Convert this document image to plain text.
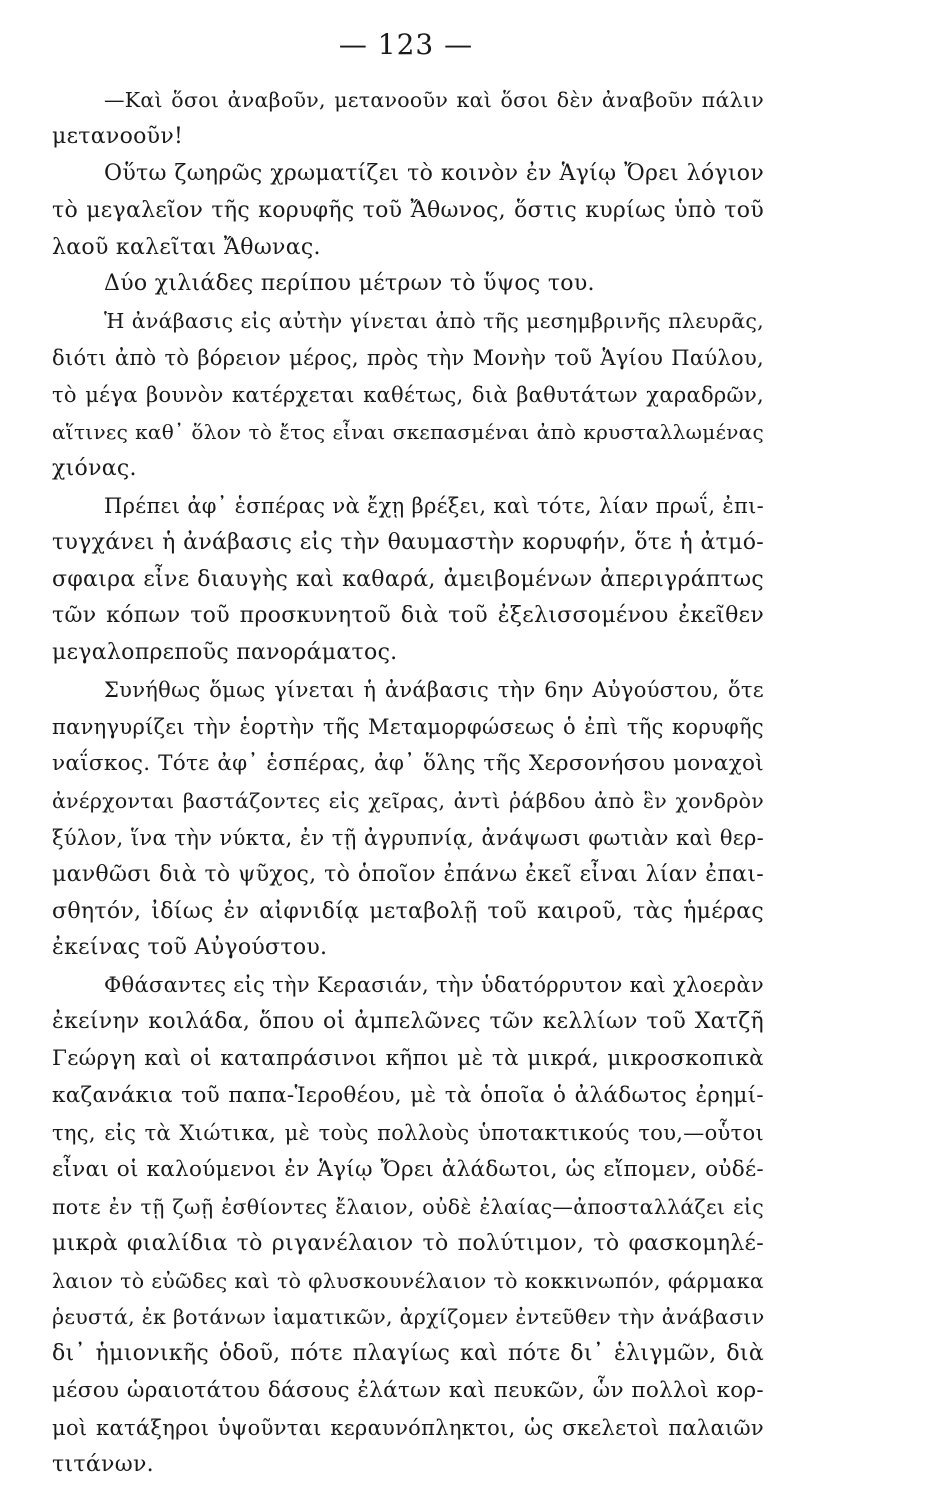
— 123 —
—Καὶ ὅσοι ἀναβοῦν, μετανοοῦν καὶ ὅσοι δὲν ἀναβοῦν πάλιν
μετανοοῦν!
Οὕτω ζωηρῶς χρωματίζει τὸ κοινὸν ἐν Ἁγίῳ Ὄρει λόγιον
τὸ μεγαλεῖον τῆς κορυφῆς τοῦ Ἄθωνος, ὅστις κυρίως ὑπὸ τοῦ
λαοῦ καλεῖται Ἄθωνας.
Δύο χιλιάδες περίπου μέτρων τὸ ὕψος του.
Ἡ ἀνάβασις εἰς αὐτὴν γίνεται ἀπὸ τῆς μεσημβρινῆς πλευρᾶς,
διότι ἀπὸ τὸ βόρειον μέρος, πρὸς τὴν Μονὴν τοῦ Ἁγίου Παύλου,
τὸ μέγα βουνὸν κατέρχεται καθέτως, διὰ βαθυτάτων χαραδρῶν,
αἵτινες καθ᾽ ὅλον τὸ ἔτος εἶναι σκεπασμέναι ἀπὸ κρυσταλλωμένας
χιόνας.
Πρέπει ἀφ᾽ ἑσπέρας νὰ ἔχῃ βρέξει, καὶ τότε, λίαν πρωΐ, ἐπι-
τυγχάνει ἡ ἀνάβασις εἰς τὴν θαυμαστὴν κορυφήν, ὅτε ἡ ἀτμό-
σφαιρα εἶνε διαυγὴς καὶ καθαρά, ἀμειβομένων ἀπεριγράπτως
τῶν κόπων τοῦ προσκυνητοῦ διὰ τοῦ ἐξελισσομένου ἐκεῖθεν
μεγαλοπρεποῦς πανοράματος.
Συνήθως ὅμως γίνεται ἡ ἀνάβασις τὴν 6ην Αὐγούστου, ὅτε
πανηγυρίζει τὴν ἑορτὴν τῆς Μεταμορφώσεως ὁ ἐπὶ τῆς κορυφῆς
ναΐσκος. Τότε ἀφ᾽ ἑσπέρας, ἀφ᾽ ὅλης τῆς Χερσονήσου μοναχοὶ
ἀνέρχονται βαστάζοντες εἰς χεῖρας, ἀντὶ ῥάβδου ἀπὸ ἓν χονδρὸν
ξύλον, ἵνα τὴν νύκτα, ἐν τῇ ἀγρυπνίᾳ, ἀνάψωσι φωτιὰν καὶ θερ-
μανθῶσι διὰ τὸ ψῦχος, τὸ ὁποῖον ἐπάνω ἐκεῖ εἶναι λίαν ἐπαι-
σθητόν, ἰδίως ἐν αἰφνιδίᾳ μεταβολῇ τοῦ καιροῦ, τὰς ἡμέρας
ἐκείνας τοῦ Αὐγούστου.
Φθάσαντες εἰς τὴν Κερασιάν, τὴν ὑδατόρρυτον καὶ χλοερὰν
ἐκείνην κοιλάδα, ὅπου οἱ ἀμπελῶνες τῶν κελλίων τοῦ Χατζῆ
Γεώργη καὶ οἱ καταπράσινοι κῆποι μὲ τὰ μικρά, μικροσκοπικὰ
καζανάκια τοῦ παπα-Ἱεροθέου, μὲ τὰ ὁποῖα ὁ ἀλάδωτος ἐρημί-
της, εἰς τὰ Χιώτικα, μὲ τοὺς πολλοὺς ὑποτακτικούς του,—οὗτοι
εἶναι οἱ καλούμενοι ἐν Ἁγίῳ Ὄρει ἀλάδωτοι, ὡς εἴπομεν, οὐδέ-
ποτε ἐν τῇ ζωῇ ἐσθίοντες ἔλαιον, οὐδὲ ἐλαίας—ἀποσταλλάζει εἰς
μικρὰ φιαλίδια τὸ ριγανέλαιον τὸ πολύτιμον, τὸ φασκομηλέ-
λαιον τὸ εὐῶδες καὶ τὸ φλυσκουνέλαιον τὸ κοκκινωπόν, φάρμακα
ῥευστά, ἐκ βοτάνων ἰαματικῶν, ἀρχίζομεν ἐντεῦθεν τὴν ἀνάβασιν
δι᾽ ἡμιονικῆς ὁδοῦ, πότε πλαγίως καὶ πότε δι᾽ ἑλιγμῶν, διὰ
μέσου ὡραιοτάτου δάσους ἐλάτων καὶ πευκῶν, ὧν πολλοὶ κορ-
μοὶ κατάξηροι ὑψοῦνται κεραυνόπληκτοι, ὡς σκελετοὶ παλαιῶν
τιτάνων.
